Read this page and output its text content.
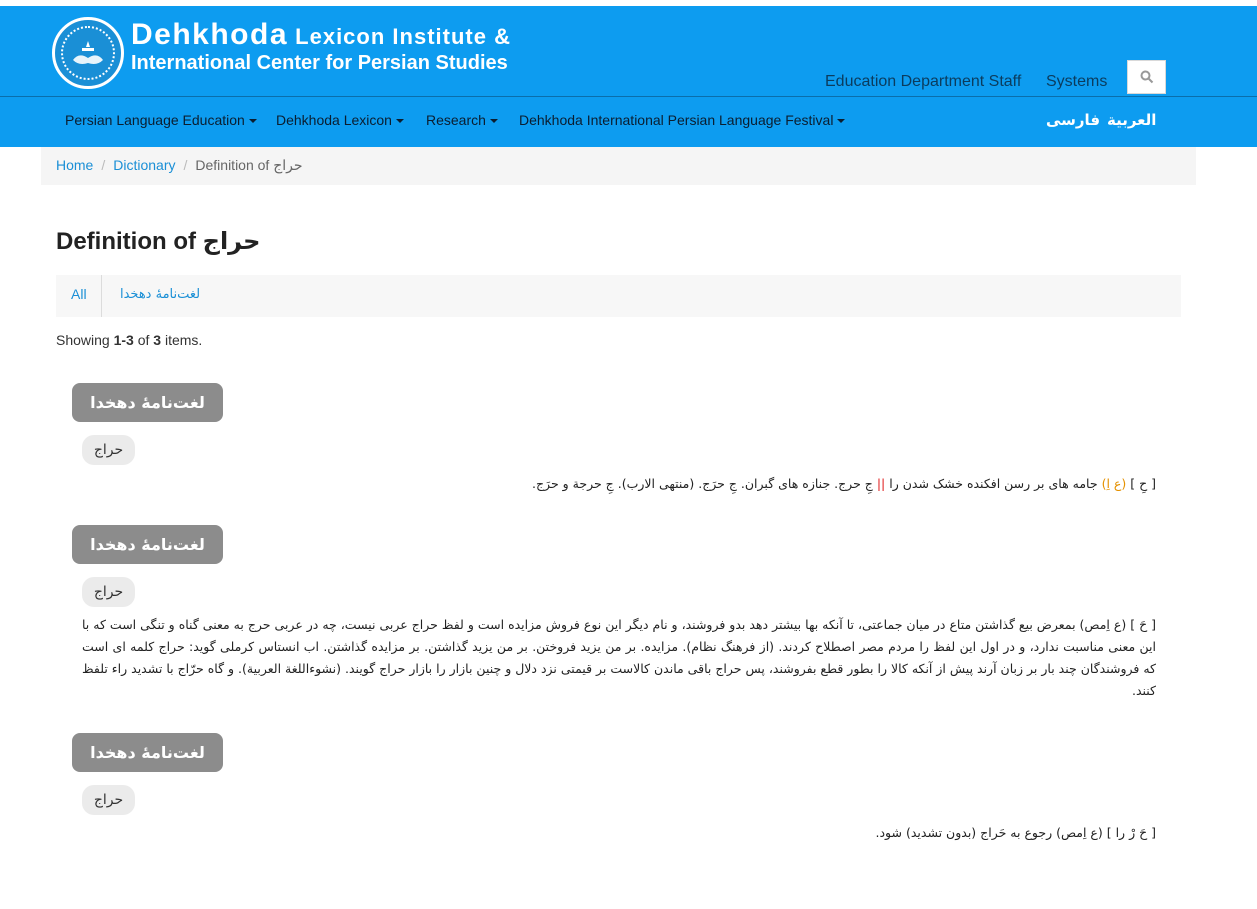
Dehkhoda Lexicon Institute &
International Center for Persian Studies
Education Department Staff Systems
Persian Language Education	Dehkhoda Lexicon	Research	Dehkhoda International Persian Language Festival	فارسی العربية
Home / Dictionary / Definition of حراج
Definition of حراج
All	لغت‌نامهٔ دهخدا
Showing 1-3 of 3 items.
لغت‌نامهٔ دهخدا
حراج
[ حِ ] (ع اِ) جامه های بر رسن افکنده خشک شدن را || جِ حرج. جنازه های گبران. جِ حرَج. (منتهی الارب). جِ حرجة و حرَج.
لغت‌نامهٔ دهخدا
حراج
[ حَ ] (ع اِمص) بمعرض بیع گذاشتن متاع در میان جماعتی، تا آنکه بها بیشتر دهد بدو فروشند، و نام دیگر این نوع فروش مزایده است و لفظ حراج عربی نیست، چه در عربی حرج به معنی گناه و تنگی است که با این معنی مناسبت ندارد، و در اول این لفظ را مردم مصر اصطلاح کردند. (از فرهنگ نظام). مزایده. بر من یزید فروختن. بر من یزید گذاشتن. بر مزایده گذاشتن. اب انستاس کرملی گوید: حراج کلمه ای است که فروشندگان چند بار بر زبان آرند پیش از آنکه کالا را بطور قطع بفروشند، پس حراج باقی ماندن کالاست بر قیمتی نزد دلال و چنین بازار را بازار حراج گویند. (نشوءاللغة العربیة). و گاه حرّاج با تشدید راء تلفظ کنند.
لغت‌نامهٔ دهخدا
حراج
[ حَ رْ را ] (ع اِمص) رجوع به حَراج (بدون تشدید) شود.
